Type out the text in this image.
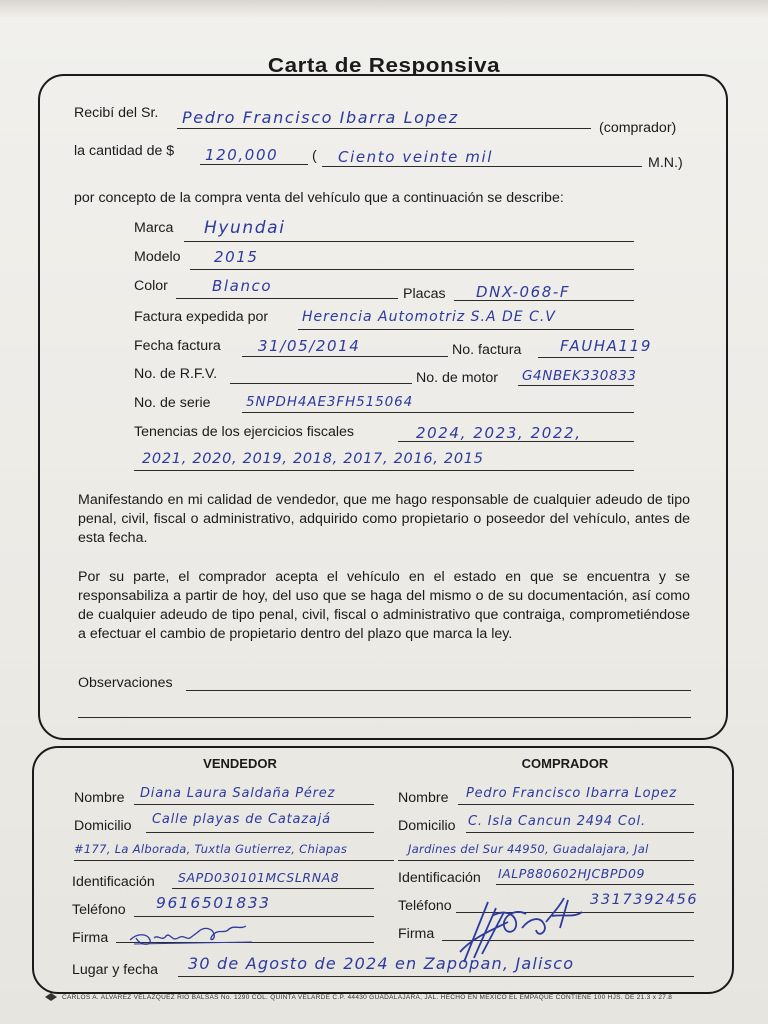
Carta de Responsiva
Recibí del Sr. Pedro Francisco Ibarra Lopez
(comprador)
la cantidad de $ 120,000 ( Ciento veinte mil	M.N.)
por concepto de la compra venta del vehículo que a continuación se describe:
Marca Hyundai
Modelo 2015
Color	Blanco	Placas DNX-068-F
Factura expedida por Herencia Automotriz S.A DE C.V
Fecha factura 31/05/2014	No. factura	FAUHA119
No. de R.F.V.	No. de motor G4NBEK330833
No. de serie	5NPDH4AE3FH515064
Tenencias de los ejercicios fiscales	2024, 2023, 2022,
2021, 2020, 2019, 2018, 2017, 2016, 2015
Manifestando en mi calidad de vendedor, que me hago responsable de cualquier adeudo de tipo penal, civil, fiscal o administrativo, adquirido como propietario o poseedor del vehículo, antes de esta fecha.
Por su parte, el comprador acepta el vehículo en el estado en que se encuentra y se responsabiliza a partir de hoy, del uso que se haga del mismo o de su documentación, así como de cualquier adeudo de tipo penal, civil, fiscal o administrativo que contraiga, comprometiéndose a efectuar el cambio de propietario dentro del plazo que marca la ley.
Observaciones
VENDEDOR	COMPRADOR
Nombre Diana Laura Saldaña Pérez
Domicilio Calle playas de Catazajá
#177, La Alborada, Tuxtla Gutierrez, Chiapas
Identificación SAPD030101MCSLRNA8
Teléfono 9616501833
Firma
Nombre Pedro Francisco Ibarra Lopez
Domicilio C. Isla Cancun 2494 Col.
Jardines del Sur 44950, Guadalajara, Jal
Identificación IALP880602HJCBPD09
Teléfono	3317392456
Firma
Lugar y fecha 30 de Agosto de 2024 en Zapopan, Jalisco
CARLOS A. ALVAREZ VELAZQUEZ RIO BALSAS No. 1290 COL. QUINTA VELARDE C.P. 44430 GUADALAJARA, JAL. HECHO EN MEXICO EL EMPAQUE CONTIENE 100 HJS. DE 21.3 x 27.8
